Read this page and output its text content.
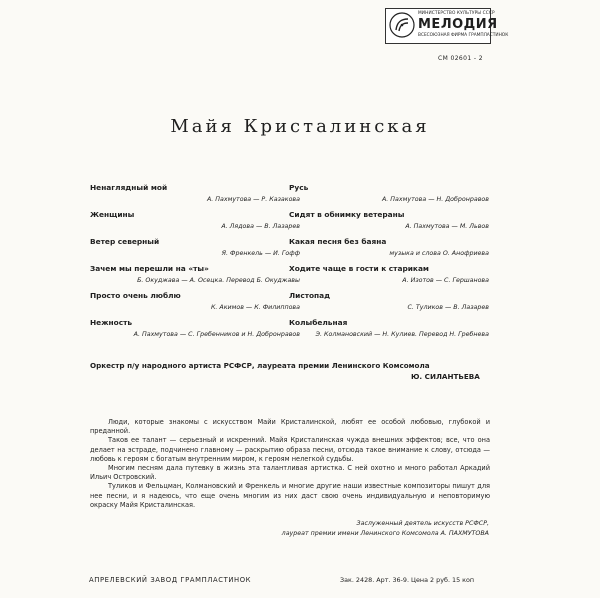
МИНИСТЕРСТВО КУЛЬТУРЫ СССР
МЕЛОДИЯ
ВСЕСОЮЗНАЯ ФИРМА ГРАМПЛАСТИНОК
СМ 02601 - 2
Майя Кристалинская
Ненаглядный мой
А. Пахмутова — Р. Казакова
Женщины
А. Лядова — В. Лазарев
Ветер северный
Я. Френкель — И. Гофф
Зачем мы перешли на «ты»
Б. Окуджава — А. Осецка. Перевод Б. Окуджавы
Просто очень люблю
К. Акимов — К. Филиппова
Нежность
А. Пахмутова — С. Гребенников и Н. Добронравов
Русь
А. Пахмутова — Н. Добронравов
Сидят в обнимку ветераны
А. Пахмутова — М. Львов
Какая песня без баяна
музыка и слова О. Анофриева
Ходите чаще в гости к старикам
А. Изотов — С. Гершанова
Листопад
С. Туликов — В. Лазарев
Колыбельная
Э. Колмановский — Н. Кулиев. Перевод Н. Гребнева
Оркестр п/у народного артиста РСФСР, лауреата премии Ленинского Комсомола
Ю. СИЛАНТЬЕВА

Люди, которые знакомы с искусством Майи Кристалинской, любят ее особой любовью, глубокой и преданной.

Таков ее талант — серьезный и искренний. Майя Кристалинская чужда внешних эффектов; все, что она делает на эстраде, подчинено главному — раскрытию образа песни, отсюда такое внимание к слову, отсюда — любовь к героям с богатым внутренним миром, к героям нелегкой судьбы.

Многим песням дала путевку в жизнь эта талантливая артистка. С ней охотно и много работал Аркадий Ильич Островский.

Туликов и Фельцман, Колмановский и Френкель и многие другие наши известные композиторы пишут для нее песни, и я надеюсь, что еще очень многим из них даст свою очень индивидуальную и неповторимую окраску Майя Кристалинская.

Заслуженный деятель искусств РСФСР,
лауреат премии имени Ленинского Комсомола А. ПАХМУТОВА
АПРЕЛЕВСКИЙ ЗАВОД ГРАМПЛАСТИНОК	Зак. 2428. Арт. 36-9. Цена 2 руб. 15 коп
